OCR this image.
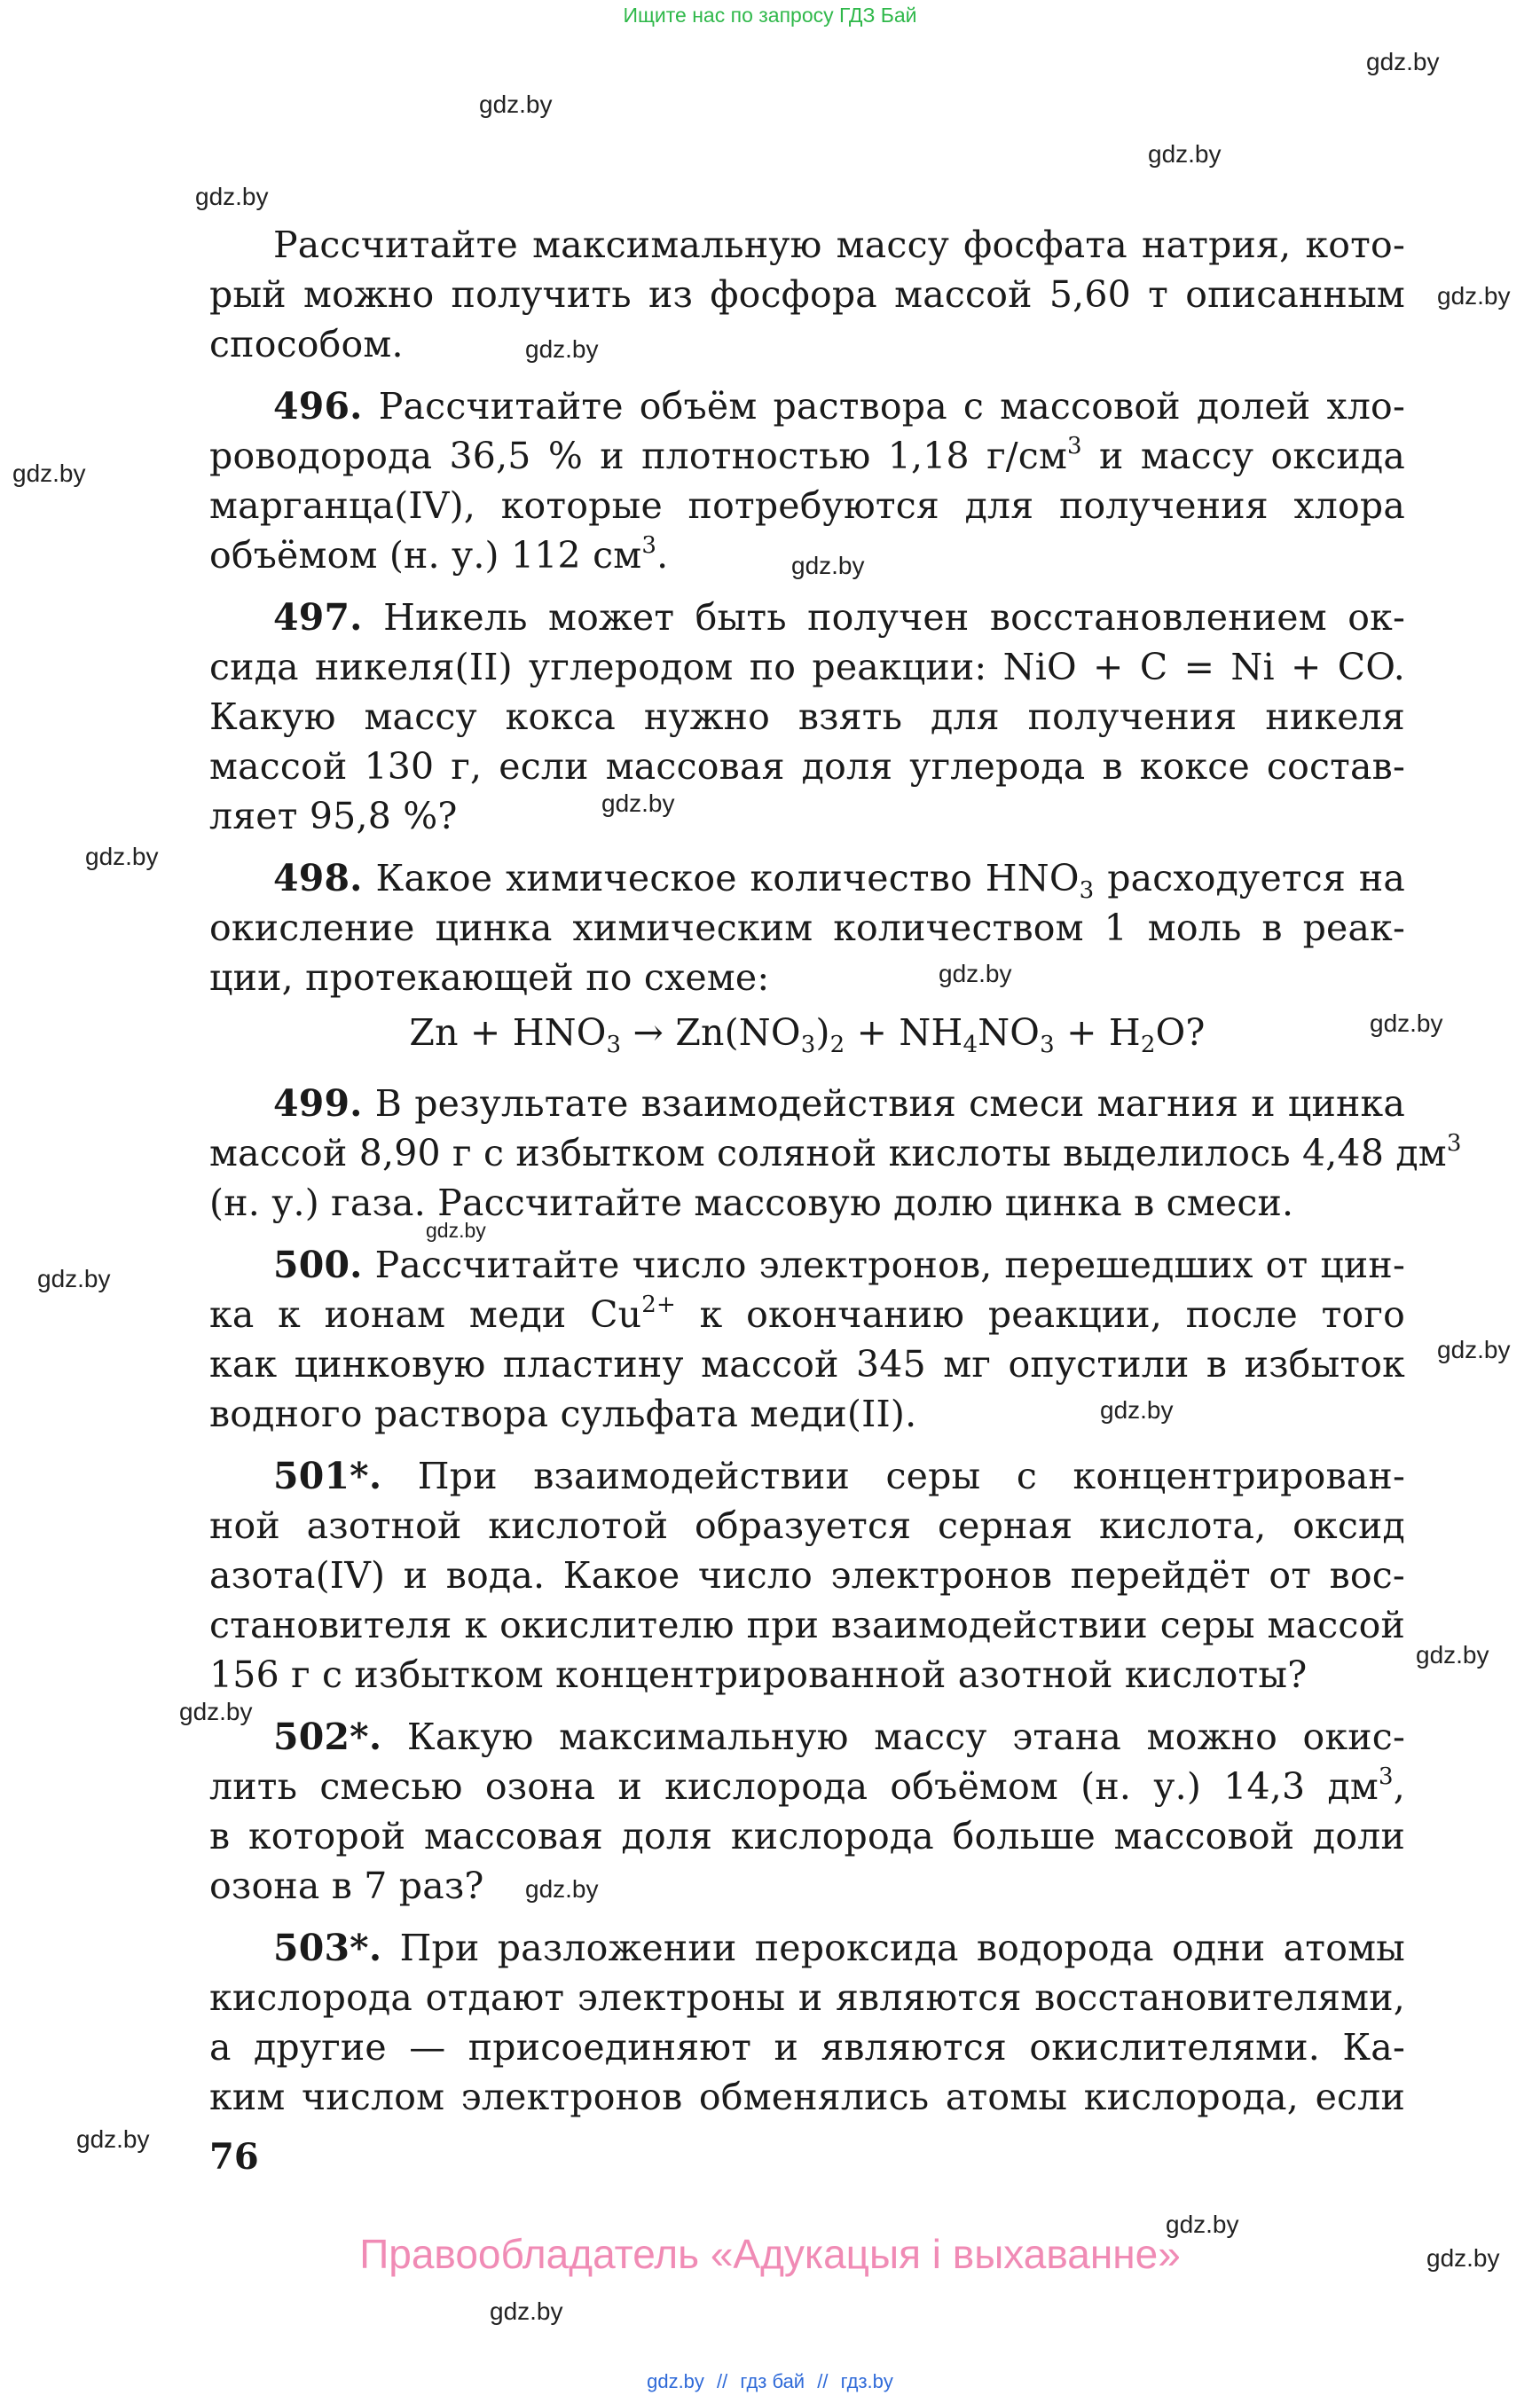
Ищите нас по запросу ГДЗ Бай
gdz.by
gdz.by
gdz.by
gdz.by
gdz.by
gdz.by
gdz.by
gdz.by
gdz.by
gdz.by
gdz.by
gdz.by
gdz.by
gdz.by
gdz.by
gdz.by
gdz.by
gdz.by
gdz.by
gdz.by
gdz.by
gdz.by
gdz.by
Рассчитайте максимальную массу фосфата натрия, кото-
рый можно получить из фосфора массой 5,60 т описанным
способом.
496. Рассчитайте объём раствора с массовой долей хло-
роводорода 36,5 % и плотностью 1,18 $г/см^3$ и массу оксида
марганца(IV), которые потребуются для получения хлора
объёмом (н. у.) 112 $см^3$.
497. Никель может быть получен восстановлением ок-
сида никеля(II) углеродом по реакции: NiO + C = Ni + CO.
Какую массу кокса нужно взять для получения никеля
массой 130 г, если массовая доля углерода в коксе состав-
ляет 95,8 %?
498. Какое химическое количество $HNO_3$ расходуется на
окисление цинка химическим количеством 1 моль в реак-
ции, протекающей по схеме:
$Zn + HNO_3 \to Zn(NO_3)_2 + NH_4NO_3 + H_2O$?
499. В результате взаимодействия смеси магния и цинка
массой 8,90 г с избытком соляной кислоты выделилось 4,48 $дм^3$
(н. у.) газа. Рассчитайте массовую долю цинка в смеси.
500. Рассчитайте число электронов, перешедших от цин-
ка к ионам меди $Cu^{2+}$ к окончанию реакции, после того
как цинковую пластину массой 345 мг опустили в избыток
водного раствора сульфата меди(II).
501*. При взаимодействии серы с концентрирован-
ной азотной кислотой образуется серная кислота, оксид
азота(IV) и вода. Какое число электронов перейдёт от вос-
становителя к окислителю при взаимодействии серы массой
156 г с избытком концентрированной азотной кислоты?
502*. Какую максимальную массу этана можно окис-
лить смесью озона и кислорода объёмом (н. у.) 14,3 $дм^3$,
в которой массовая доля кислорода больше массовой доли
озона в 7 раз?
503*. При разложении пероксида водорода одни атомы
кислорода отдают электроны и являются восстановителями,
а другие — присоединяют и являются окислителями. Ка-
ким числом электронов обменялись атомы кислорода, если
76
Правообладатель «Адукацыя і выхаванне»
gdz.by // гдз бай // гдз.by
